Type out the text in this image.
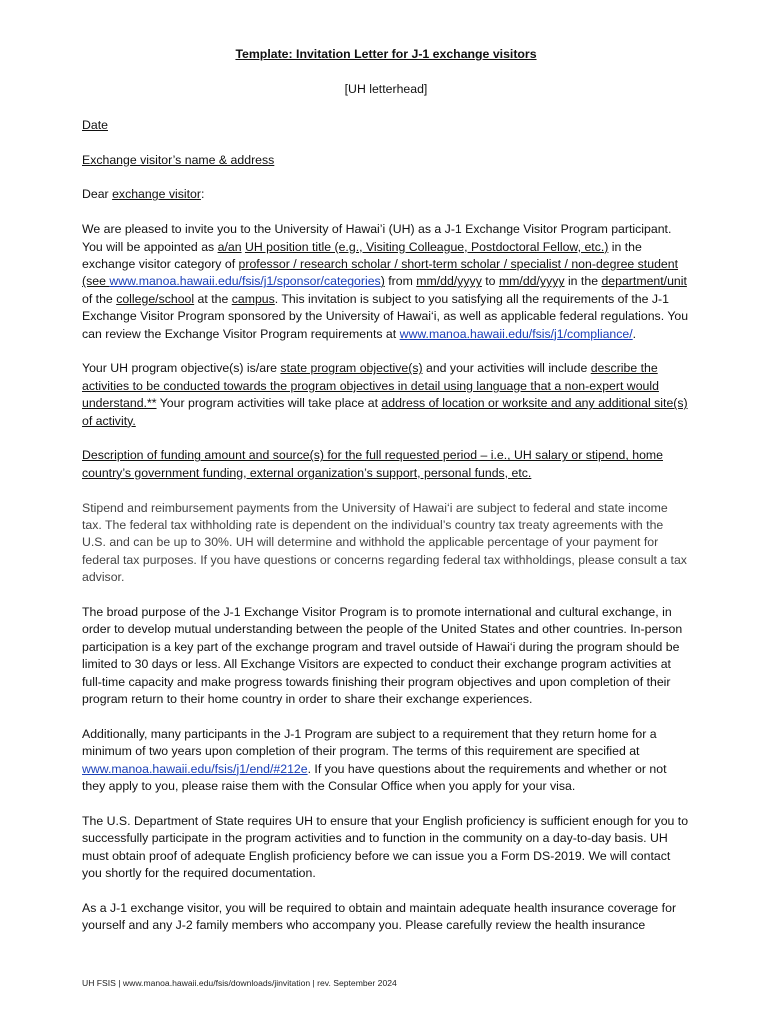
Template: Invitation Letter for J-1 exchange visitors
[UH letterhead]

Date

Exchange visitor’s name & address

Dear exchange visitor:

We are pleased to invite you to the University of Hawai’i (UH) as a J-1 Exchange Visitor Program participant. You will be appointed as a/an UH position title (e.g., Visiting Colleague, Postdoctoral Fellow, etc.) in the exchange visitor category of professor / research scholar / short-term scholar / specialist / non-degree student (see www.manoa.hawaii.edu/fsis/j1/sponsor/categories) from mm/dd/yyyy to mm/dd/yyyy in the department/unit of the college/school at the campus. This invitation is subject to you satisfying all the requirements of the J-1 Exchange Visitor Program sponsored by the University of Hawai‘i, as well as applicable federal regulations. You can review the Exchange Visitor Program requirements at www.manoa.hawaii.edu/fsis/j1/compliance/.

Your UH program objective(s) is/are state program objective(s) and your activities will include describe the activities to be conducted towards the program objectives in detail using language that a non-expert would understand.** Your program activities will take place at address of location or worksite and any additional site(s) of activity.

Description of funding amount and source(s) for the full requested period – i.e., UH salary or stipend, home country’s government funding, external organization’s support, personal funds, etc.

Stipend and reimbursement payments from the University of Hawai‘i are subject to federal and state income tax. The federal tax withholding rate is dependent on the individual’s country tax treaty agreements with the U.S. and can be up to 30%. UH will determine and withhold the applicable percentage of your payment for federal tax purposes. If you have questions or concerns regarding federal tax withholdings, please consult a tax advisor.

The broad purpose of the J-1 Exchange Visitor Program is to promote international and cultural exchange, in order to develop mutual understanding between the people of the United States and other countries. In-person participation is a key part of the exchange program and travel outside of Hawai‘i during the program should be limited to 30 days or less. All Exchange Visitors are expected to conduct their exchange program activities at full-time capacity and make progress towards finishing their program objectives and upon completion of their program return to their home country in order to share their exchange experiences.

Additionally, many participants in the J-1 Program are subject to a requirement that they return home for a minimum of two years upon completion of their program. The terms of this requirement are specified at www.manoa.hawaii.edu/fsis/j1/end/#212e. If you have questions about the requirements and whether or not they apply to you, please raise them with the Consular Office when you apply for your visa.

The U.S. Department of State requires UH to ensure that your English proficiency is sufficient enough for you to successfully participate in the program activities and to function in the community on a day-to-day basis. UH must obtain proof of adequate English proficiency before we can issue you a Form DS-2019. We will contact you shortly for the required documentation.

As a J-1 exchange visitor, you will be required to obtain and maintain adequate health insurance coverage for yourself and any J-2 family members who accompany you. Please carefully review the health insurance

UH FSIS | www.manoa.hawaii.edu/fsis/downloads/jinvitation | rev. September 2024
